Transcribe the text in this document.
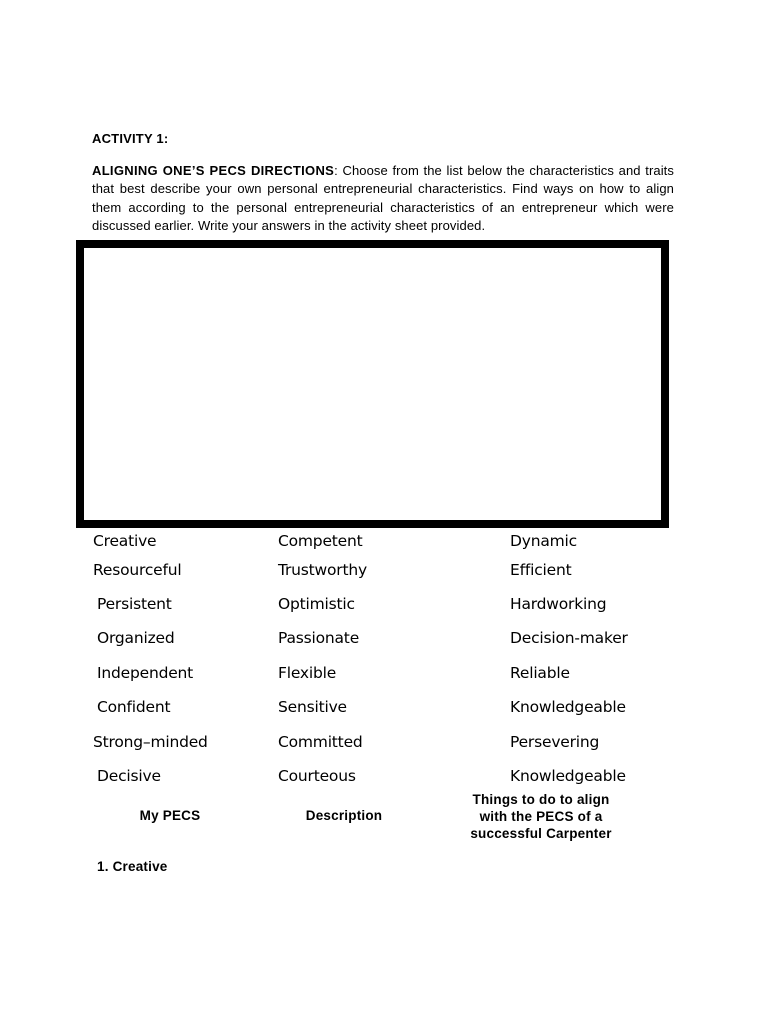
ACTIVITY 1:
ALIGNING ONE’S PECS DIRECTIONS: Choose from the list below the characteristics and traits that best describe your own personal entrepreneurial characteristics. Find ways on how to align them according to the personal entrepreneurial characteristics of an entrepreneur which were discussed earlier. Write your answers in the activity sheet provided.
Creative
Resourceful
Persistent
Organized
Independent
Confident
Strong–minded
Decisive
Competent
Trustworthy
Optimistic
Passionate
Flexible
Sensitive
Committed
Courteous
Dynamic
Efficient
Hardworking
Decision-maker
Reliable
Knowledgeable
Persevering
Knowledgeable
My PECS	Description
Things to do to align with the PECS of a successful Carpenter
1. Creative
